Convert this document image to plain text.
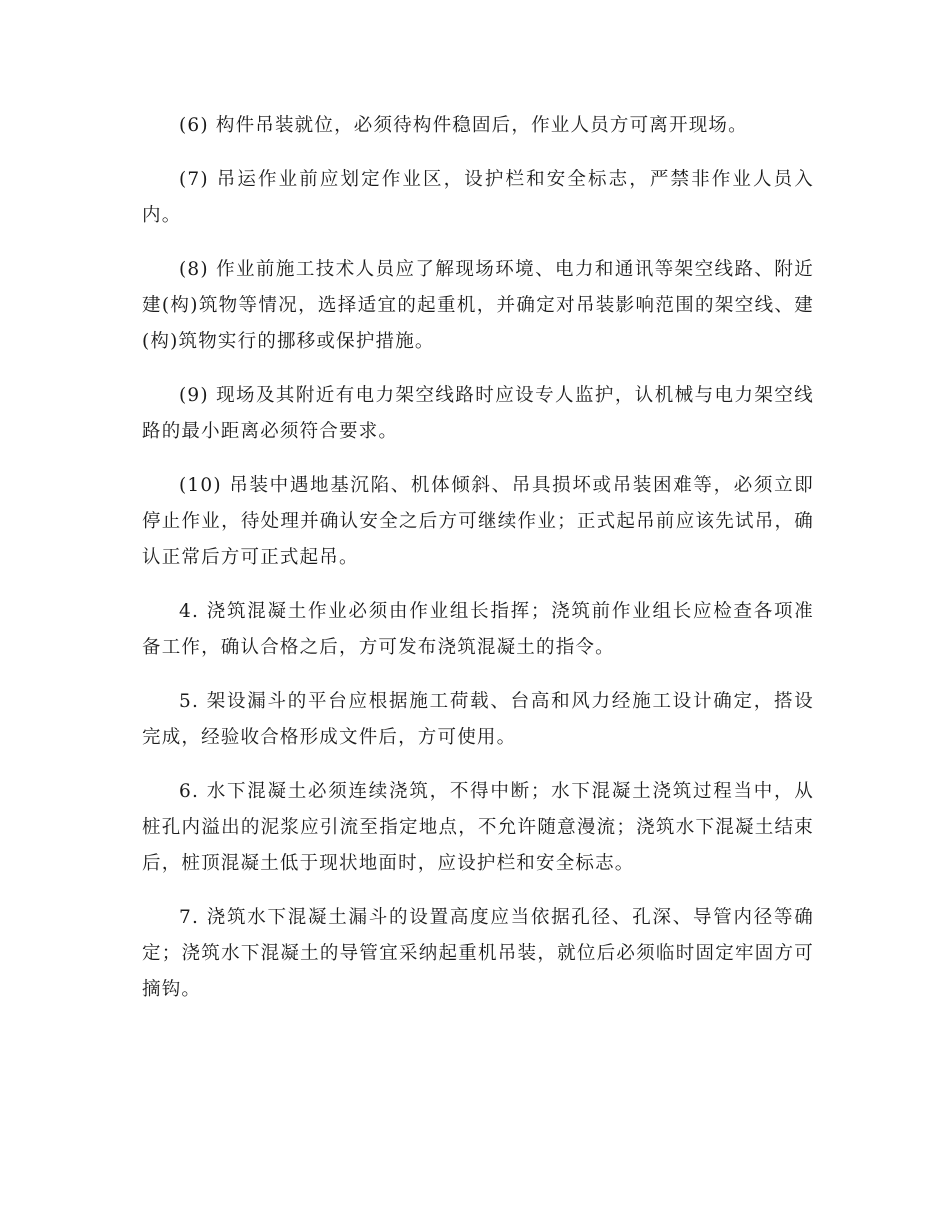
(6) 构件吊装就位，必须待构件稳固后，作业人员方可离开现场。

(7) 吊运作业前应划定作业区，设护栏和安全标志，严禁非作业人员入内。

(8) 作业前施工技术人员应了解现场环境、电力和通讯等架空线路、附近建(构)筑物等情况，选择适宜的起重机，并确定对吊装影响范围的架空线、建(构)筑物实行的挪移或保护措施。

(9) 现场及其附近有电力架空线路时应设专人监护，认机械与电力架空线路的最小距离必须符合要求。

(10) 吊装中遇地基沉陷、机体倾斜、吊具损坏或吊装困难等，必须立即停止作业，待处理并确认安全之后方可继续作业；正式起吊前应该先试吊，确认正常后方可正式起吊。

4. 浇筑混凝土作业必须由作业组长指挥；浇筑前作业组长应检查各项准备工作，确认合格之后，方可发布浇筑混凝土的指令。

5. 架设漏斗的平台应根据施工荷载、台高和风力经施工设计确定，搭设完成，经验收合格形成文件后，方可使用。

6. 水下混凝土必须连续浇筑，不得中断；水下混凝土浇筑过程当中，从桩孔内溢出的泥浆应引流至指定地点，不允许随意漫流；浇筑水下混凝土结束后，桩顶混凝土低于现状地面时，应设护栏和安全标志。

7. 浇筑水下混凝土漏斗的设置高度应当依据孔径、孔深、导管内径等确定；浇筑水下混凝土的导管宜采纳起重机吊装，就位后必须临时固定牢固方可摘钩。
